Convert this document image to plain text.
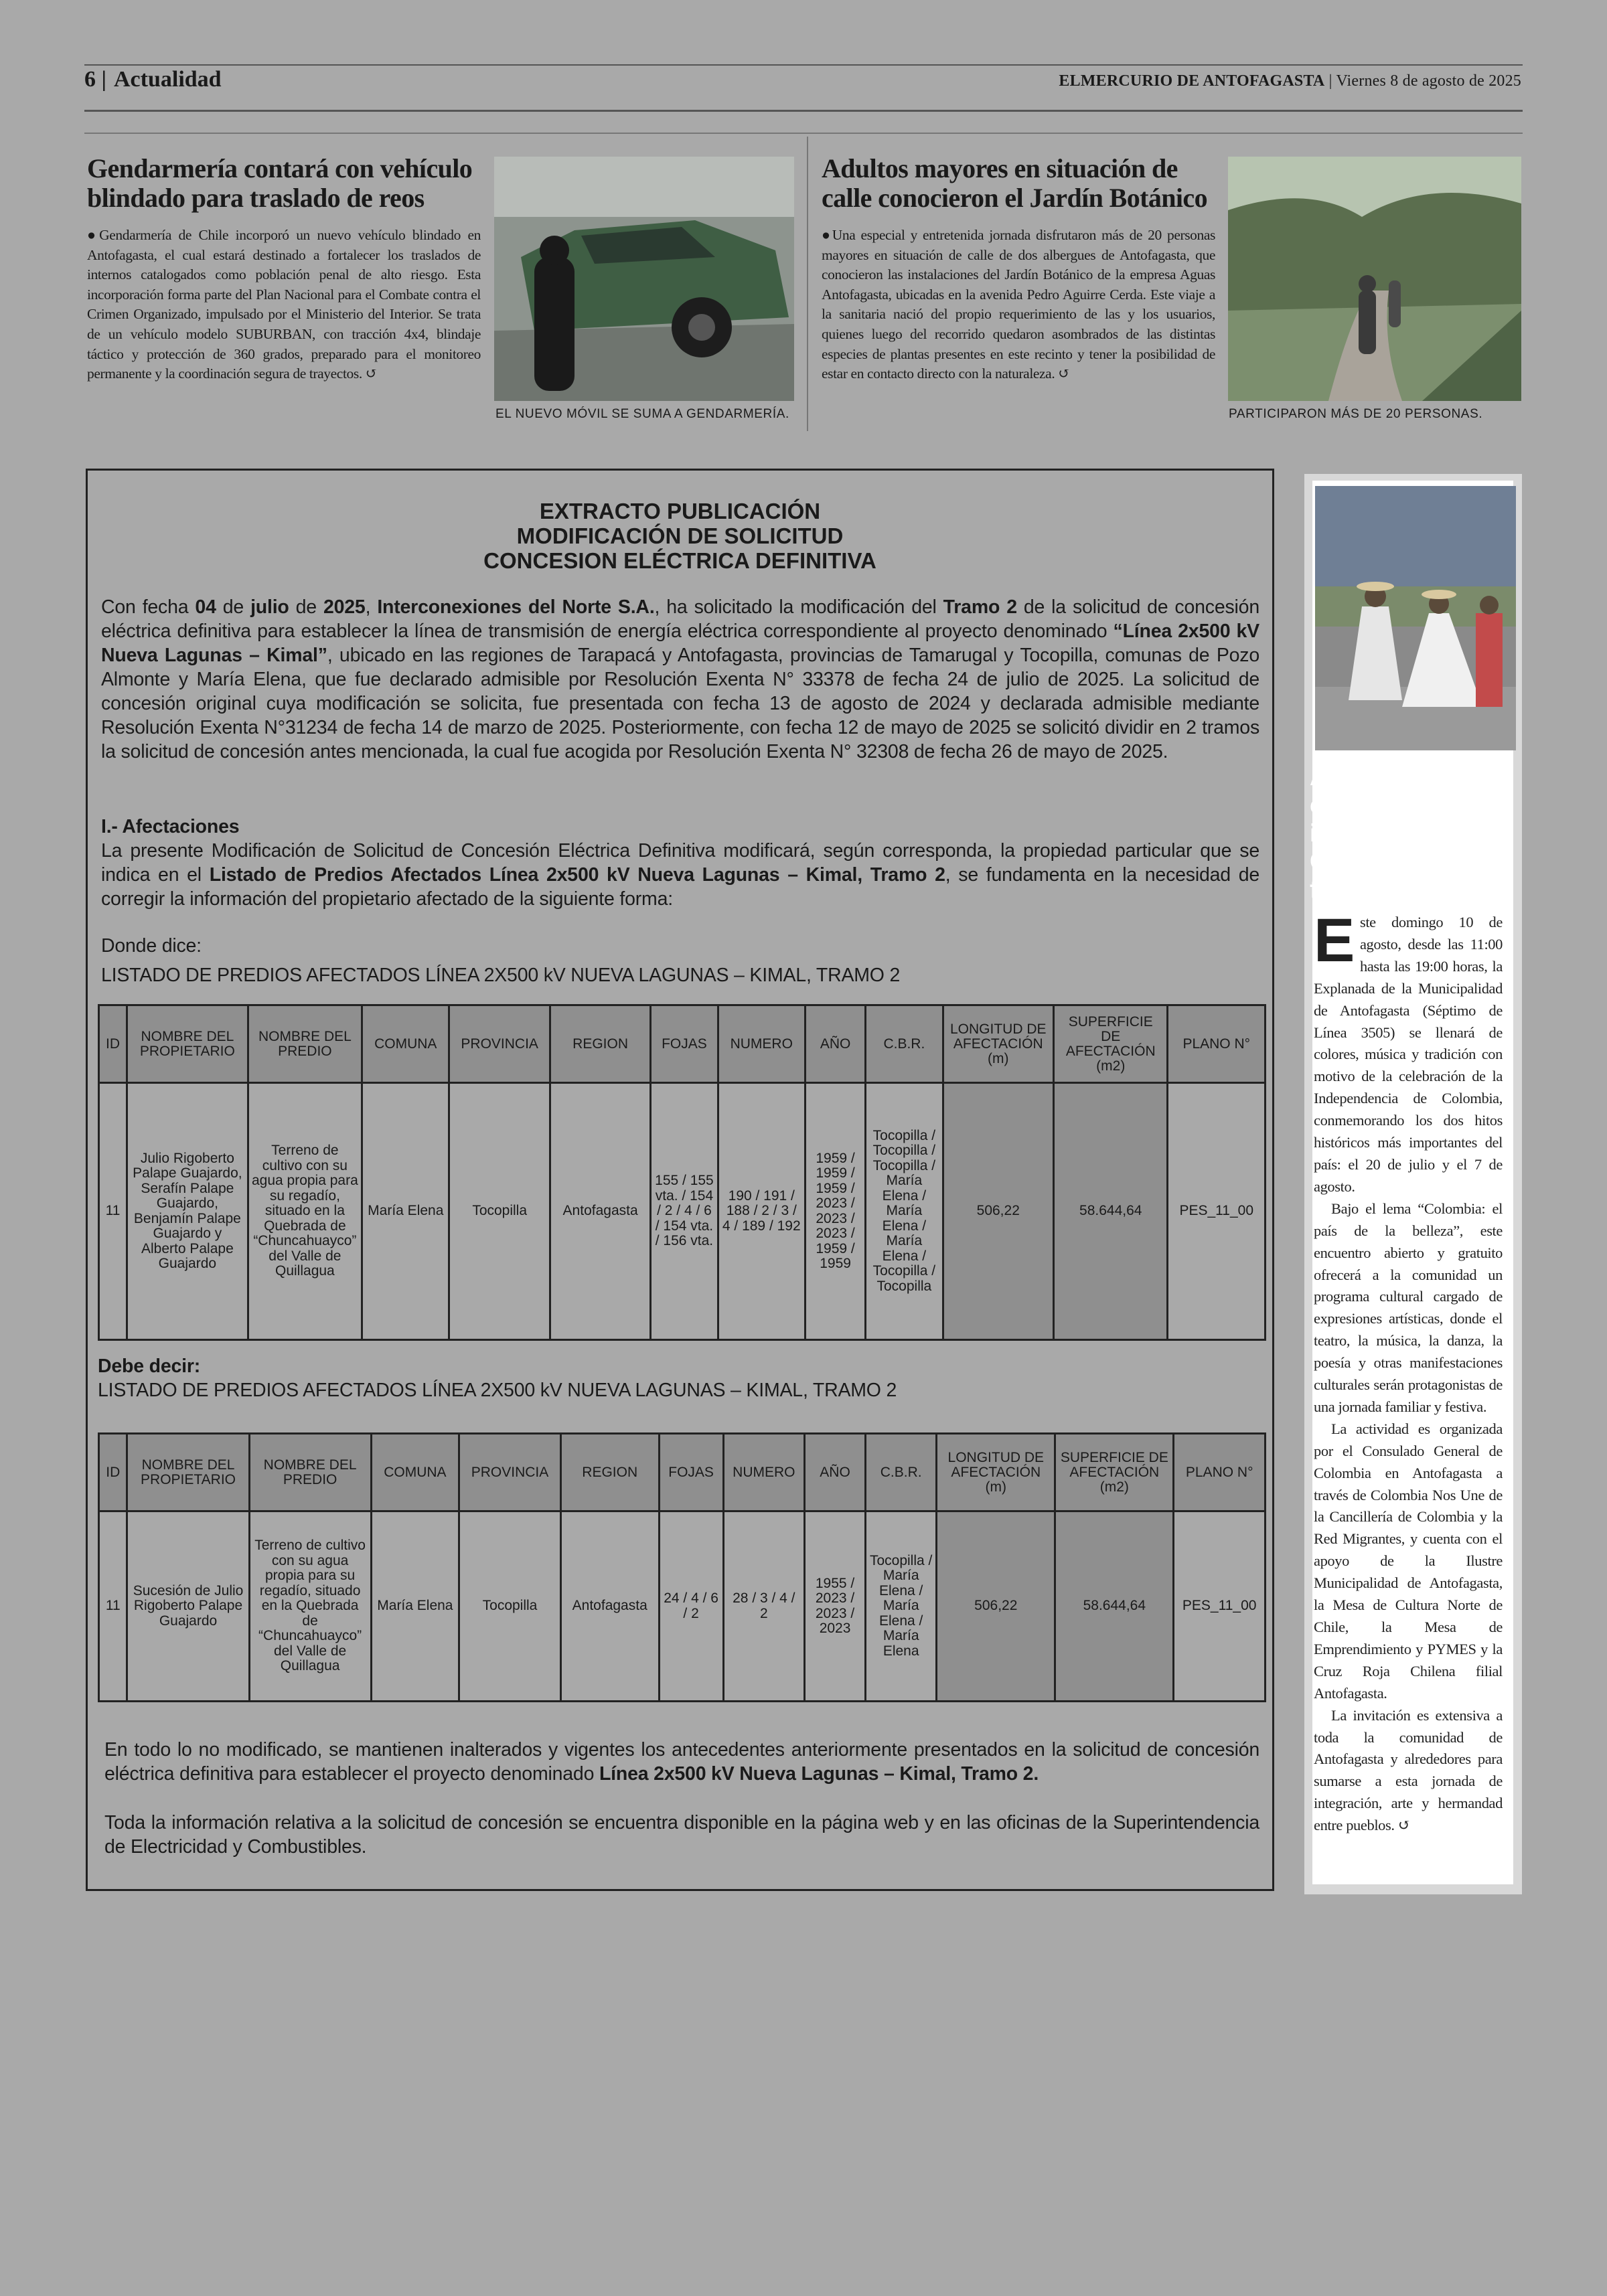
6 | Actualidad	ELMERCURIO DE ANTOFAGASTA | Viernes 8 de agosto de 2025
Gendarmería contará con vehículo blindado para traslado de reos

●Gendarmería de Chile incorporó un nuevo vehículo blindado en Antofagasta, el cual estará destinado a fortalecer los traslados de internos catalogados como población penal de alto riesgo. Esta incorporación forma parte del Plan Nacional para el Combate contra el Crimen Organizado, impulsado por el Ministerio del Interior. Se trata de un vehículo modelo SUBURBAN, con tracción 4x4, blindaje táctico y protección de 360 grados, preparado para el monitoreo permanente y la coordinación segura de trayectos. ↺

EL NUEVO MÓVIL SE SUMA A GENDARMERÍA.
Adultos mayores en situación de calle conocieron el Jardín Botánico

●Una especial y entretenida jornada disfrutaron más de 20 personas mayores en situación de calle de dos albergues de Antofagasta, que conocieron las instalaciones del Jardín Botánico de la empresa Aguas Antofagasta, ubicadas en la avenida Pedro Aguirre Cerda. Este viaje a la sanitaria nació del propio requerimiento de las y los usuarios, quienes luego del recorrido quedaron asombrados de las distintas especies de plantas presentes en este recinto y tener la posibilidad de estar en contacto directo con la naturaleza. ↺

PARTICIPARON MÁS DE 20 PERSONAS.
EXTRACTO PUBLICACIÓN
MODIFICACIÓN DE SOLICITUD
CONCESION ELÉCTRICA DEFINITIVA

Con fecha 04 de julio de 2025, Interconexiones del Norte S.A., ha solicitado la modificación del Tramo 2 de la solicitud de concesión eléctrica definitiva para establecer la línea de transmisión de energía eléctrica correspondiente al proyecto denominado “Línea 2x500 kV Nueva Lagunas – Kimal”, ubicado en las regiones de Tarapacá y Antofagasta, provincias de Tamarugal y Tocopilla, comunas de Pozo Almonte y María Elena, que fue declarado admisible por Resolución Exenta N° 33378 de fecha 24 de julio de 2025. La solicitud de concesión original cuya modificación se solicita, fue presentada con fecha 13 de agosto de 2024 y declarada admisible mediante Resolución Exenta N°31234 de fecha 14 de marzo de 2025. Posteriormente, con fecha 12 de mayo de 2025 se solicitó dividir en 2 tramos la solicitud de concesión antes mencionada, la cual fue acogida por Resolución Exenta N° 32308 de fecha 26 de mayo de 2025.

I.- Afectaciones

La presente Modificación de Solicitud de Concesión Eléctrica Definitiva modificará, según corresponda, la propiedad particular que se indica en el Listado de Predios Afectados Línea 2x500 kV Nueva Lagunas – Kimal, Tramo 2, se fundamenta en la necesidad de corregir la información del propietario afectado de la siguiente forma:

Donde dice:
LISTADO DE PREDIOS AFECTADOS LÍNEA 2X500 kV NUEVA LAGUNAS – KIMAL, TRAMO 2
ID	NOMBRE DEL PROPIETARIO	NOMBRE DEL PREDIO	COMUNA	PROVINCIA	REGION	FOJAS	NUMERO	AÑO	C.B.R.	LONGITUD DE AFECTACIÓN (m)	SUPERFICIE DE AFECTACIÓN (m2)	PLANO N°
11	Julio Rigoberto Palape Guajardo, Serafín Palape Guajardo, Benjamín Palape Guajardo y Alberto Palape Guajardo	Terreno de cultivo con su agua propia para su regadío, situado en la Quebrada de “Chuncahuayco” del Valle de Quillagua	María Elena	Tocopilla	Antofagasta	155 / 155 vta. / 154 / 2 / 4 / 6 / 154 vta. / 156 vta.	190 / 191 / 188 / 2 / 3 / 4 / 189 / 192	1959 / 1959 / 1959 / 2023 / 2023 / 2023 / 1959 / 1959	Tocopilla / Tocopilla / Tocopilla / María Elena / María Elena / María Elena / Tocopilla / Tocopilla	506,22	58.644,64	PES_11_00
Debe decir:
LISTADO DE PREDIOS AFECTADOS LÍNEA 2X500 kV NUEVA LAGUNAS – KIMAL, TRAMO 2
ID	NOMBRE DEL PROPIETARIO	NOMBRE DEL PREDIO	COMUNA	PROVINCIA	REGION	FOJAS	NUMERO	AÑO	C.B.R.	LONGITUD DE AFECTACIÓN (m)	SUPERFICIE DE AFECTACIÓN (m2)	PLANO N°
11	Sucesión de Julio Rigoberto Palape Guajardo	Terreno de cultivo con su agua propia para su regadío, situado en la Quebrada de “Chuncahuayco” del Valle de Quillagua	María Elena	Tocopilla	Antofagasta	24 / 4 / 6 / 2	28 / 3 / 4 / 2	1955 / 2023 / 2023 / 2023	Tocopilla / María Elena / María Elena / María Elena	506,22	58.644,64	PES_11_00

En todo lo no modificado, se mantienen inalterados y vigentes los antecedentes anteriormente presentados en la solicitud de concesión eléctrica definitiva para establecer el proyecto denominado Línea 2x500 kV Nueva Lagunas – Kimal, Tramo 2.

Toda la información relativa a la solicitud de concesión se encuentra disponible en la página web y en las oficinas de la Superintendencia de Electricidad y Combustibles.

Antofagasta celebra la independencia de Colombia con un festival artístico

Este domingo 10 de agosto, desde las 11:00 hasta las 19:00 horas, la Explanada de la Municipalidad de Antofagasta (Séptimo de Línea 3505) se llenará de colores, música y tradición con motivo de la celebración de la Independencia de Colombia, conmemorando los dos hitos históricos más importantes del país: el 20 de julio y el 7 de agosto.

Bajo el lema “Colombia: el país de la belleza”, este encuentro abierto y gratuito ofrecerá a la comunidad un programa cultural cargado de expresiones artísticas, donde el teatro, la música, la danza, la poesía y otras manifestaciones culturales serán protagonistas de una jornada familiar y festiva.

La actividad es organizada por el Consulado General de Colombia en Antofagasta a través de Colombia Nos Une de la Cancillería de Colombia y la Red Migrantes, y cuenta con el apoyo de la Ilustre Municipalidad de Antofagasta, la Mesa de Cultura Norte de Chile, la Mesa de Emprendimiento y PYMES y la Cruz Roja Chilena filial Antofagasta.

La invitación es extensiva a toda la comunidad de Antofagasta y alrededores para sumarse a esta jornada de integración, arte y hermandad entre pueblos. ↺
